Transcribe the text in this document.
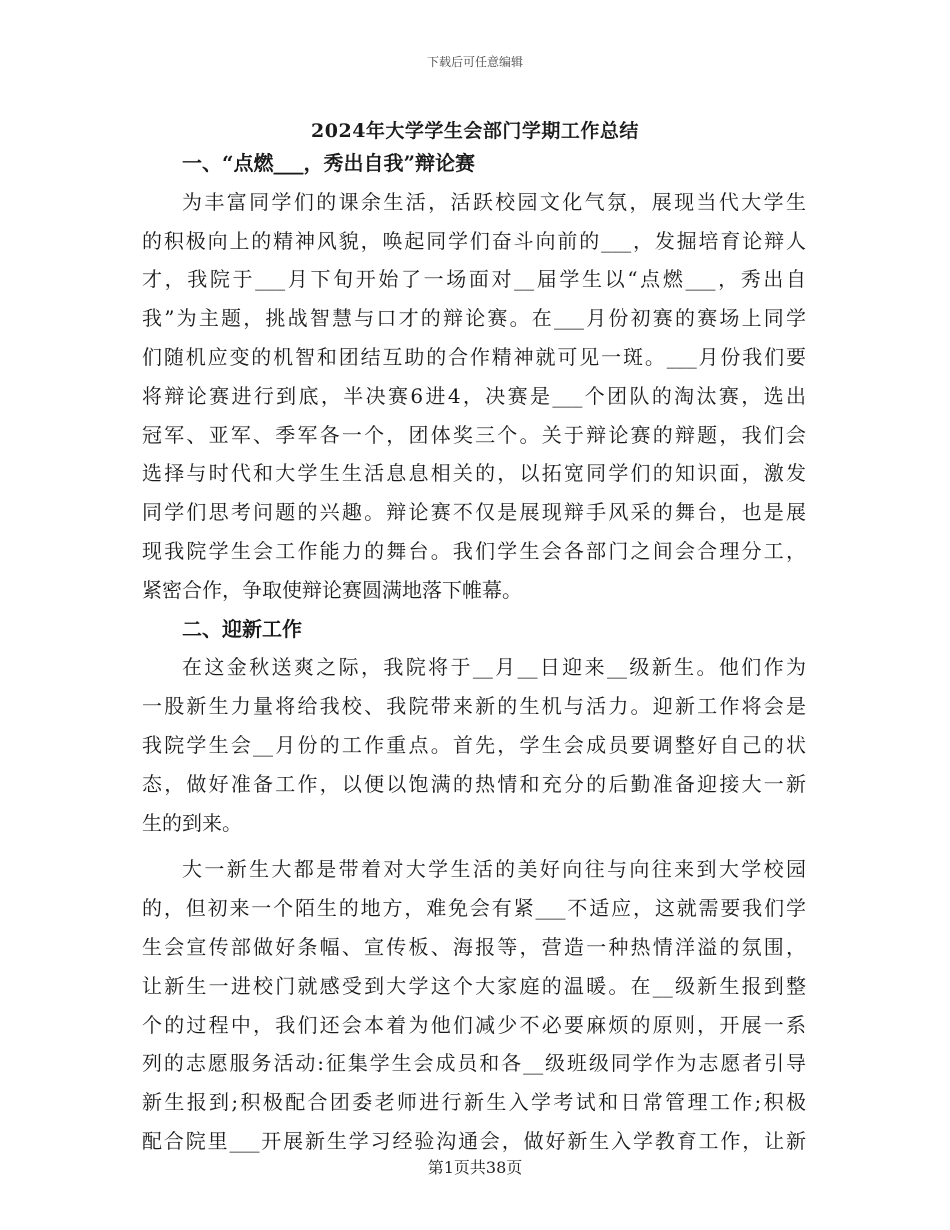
下载后可任意编辑
2024年大学学生会部门学期工作总结
一、“点燃___，秀出自我”辩论赛
为丰富同学们的课余生活，活跃校园文化气氛，展现当代大学生
的积极向上的精神风貌，唤起同学们奋斗向前的___，发掘培育论辩人
才，我院于___月下旬开始了一场面对__届学生以“点燃___，秀出自
我”为主题，挑战智慧与口才的辩论赛。在___月份初赛的赛场上同学
们随机应变的机智和团结互助的合作精神就可见一斑。___月份我们要
将辩论赛进行到底，半决赛6进4，决赛是___个团队的淘汰赛，选出
冠军、亚军、季军各一个，团体奖三个。关于辩论赛的辩题，我们会
选择与时代和大学生生活息息相关的，以拓宽同学们的知识面，激发
同学们思考问题的兴趣。辩论赛不仅是展现辩手风采的舞台，也是展
现我院学生会工作能力的舞台。我们学生会各部门之间会合理分工，
紧密合作，争取使辩论赛圆满地落下帷幕。
二、迎新工作
在这金秋送爽之际，我院将于__月__日迎来__级新生。他们作为
一股新生力量将给我校、我院带来新的生机与活力。迎新工作将会是
我院学生会__月份的工作重点。首先，学生会成员要调整好自己的状
态，做好准备工作，以便以饱满的热情和充分的后勤准备迎接大一新
生的到来。
大一新生大都是带着对大学生活的美好向往与向往来到大学校园
的，但初来一个陌生的地方，难免会有紧___不适应，这就需要我们学
生会宣传部做好条幅、宣传板、海报等，营造一种热情洋溢的氛围，
让新生一进校门就感受到大学这个大家庭的温暖。在__级新生报到整
个的过程中，我们还会本着为他们减少不必要麻烦的原则，开展一系
列的志愿服务活动:征集学生会成员和各__级班级同学作为志愿者引导
新生报到;积极配合团委老师进行新生入学考试和日常管理工作;积极
配合院里___开展新生学习经验沟通会，做好新生入学教育工作，让新
第1页共38页
